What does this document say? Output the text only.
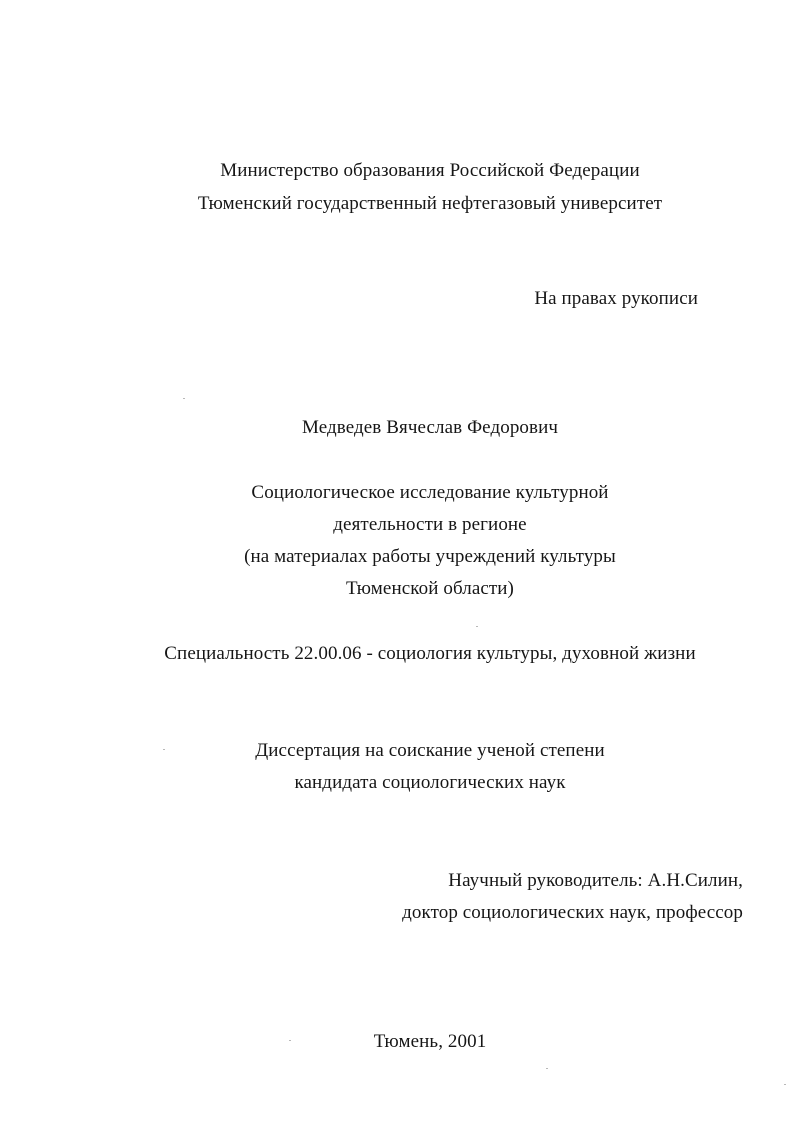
Министерство образования Российской Федерации
Тюменский государственный нефтегазовый университет
На правах рукописи
Медведев Вячеслав Федорович
Социологическое исследование культурной
деятельности в регионе
(на материалах работы учреждений культуры
Тюменской области)
Специальность 22.00.06 - социология культуры, духовной жизни
Диссертация на соискание ученой степени
кандидата социологических наук
Научный руководитель: А.Н.Силин,
доктор социологических наук, профессор
Тюмень, 2001
